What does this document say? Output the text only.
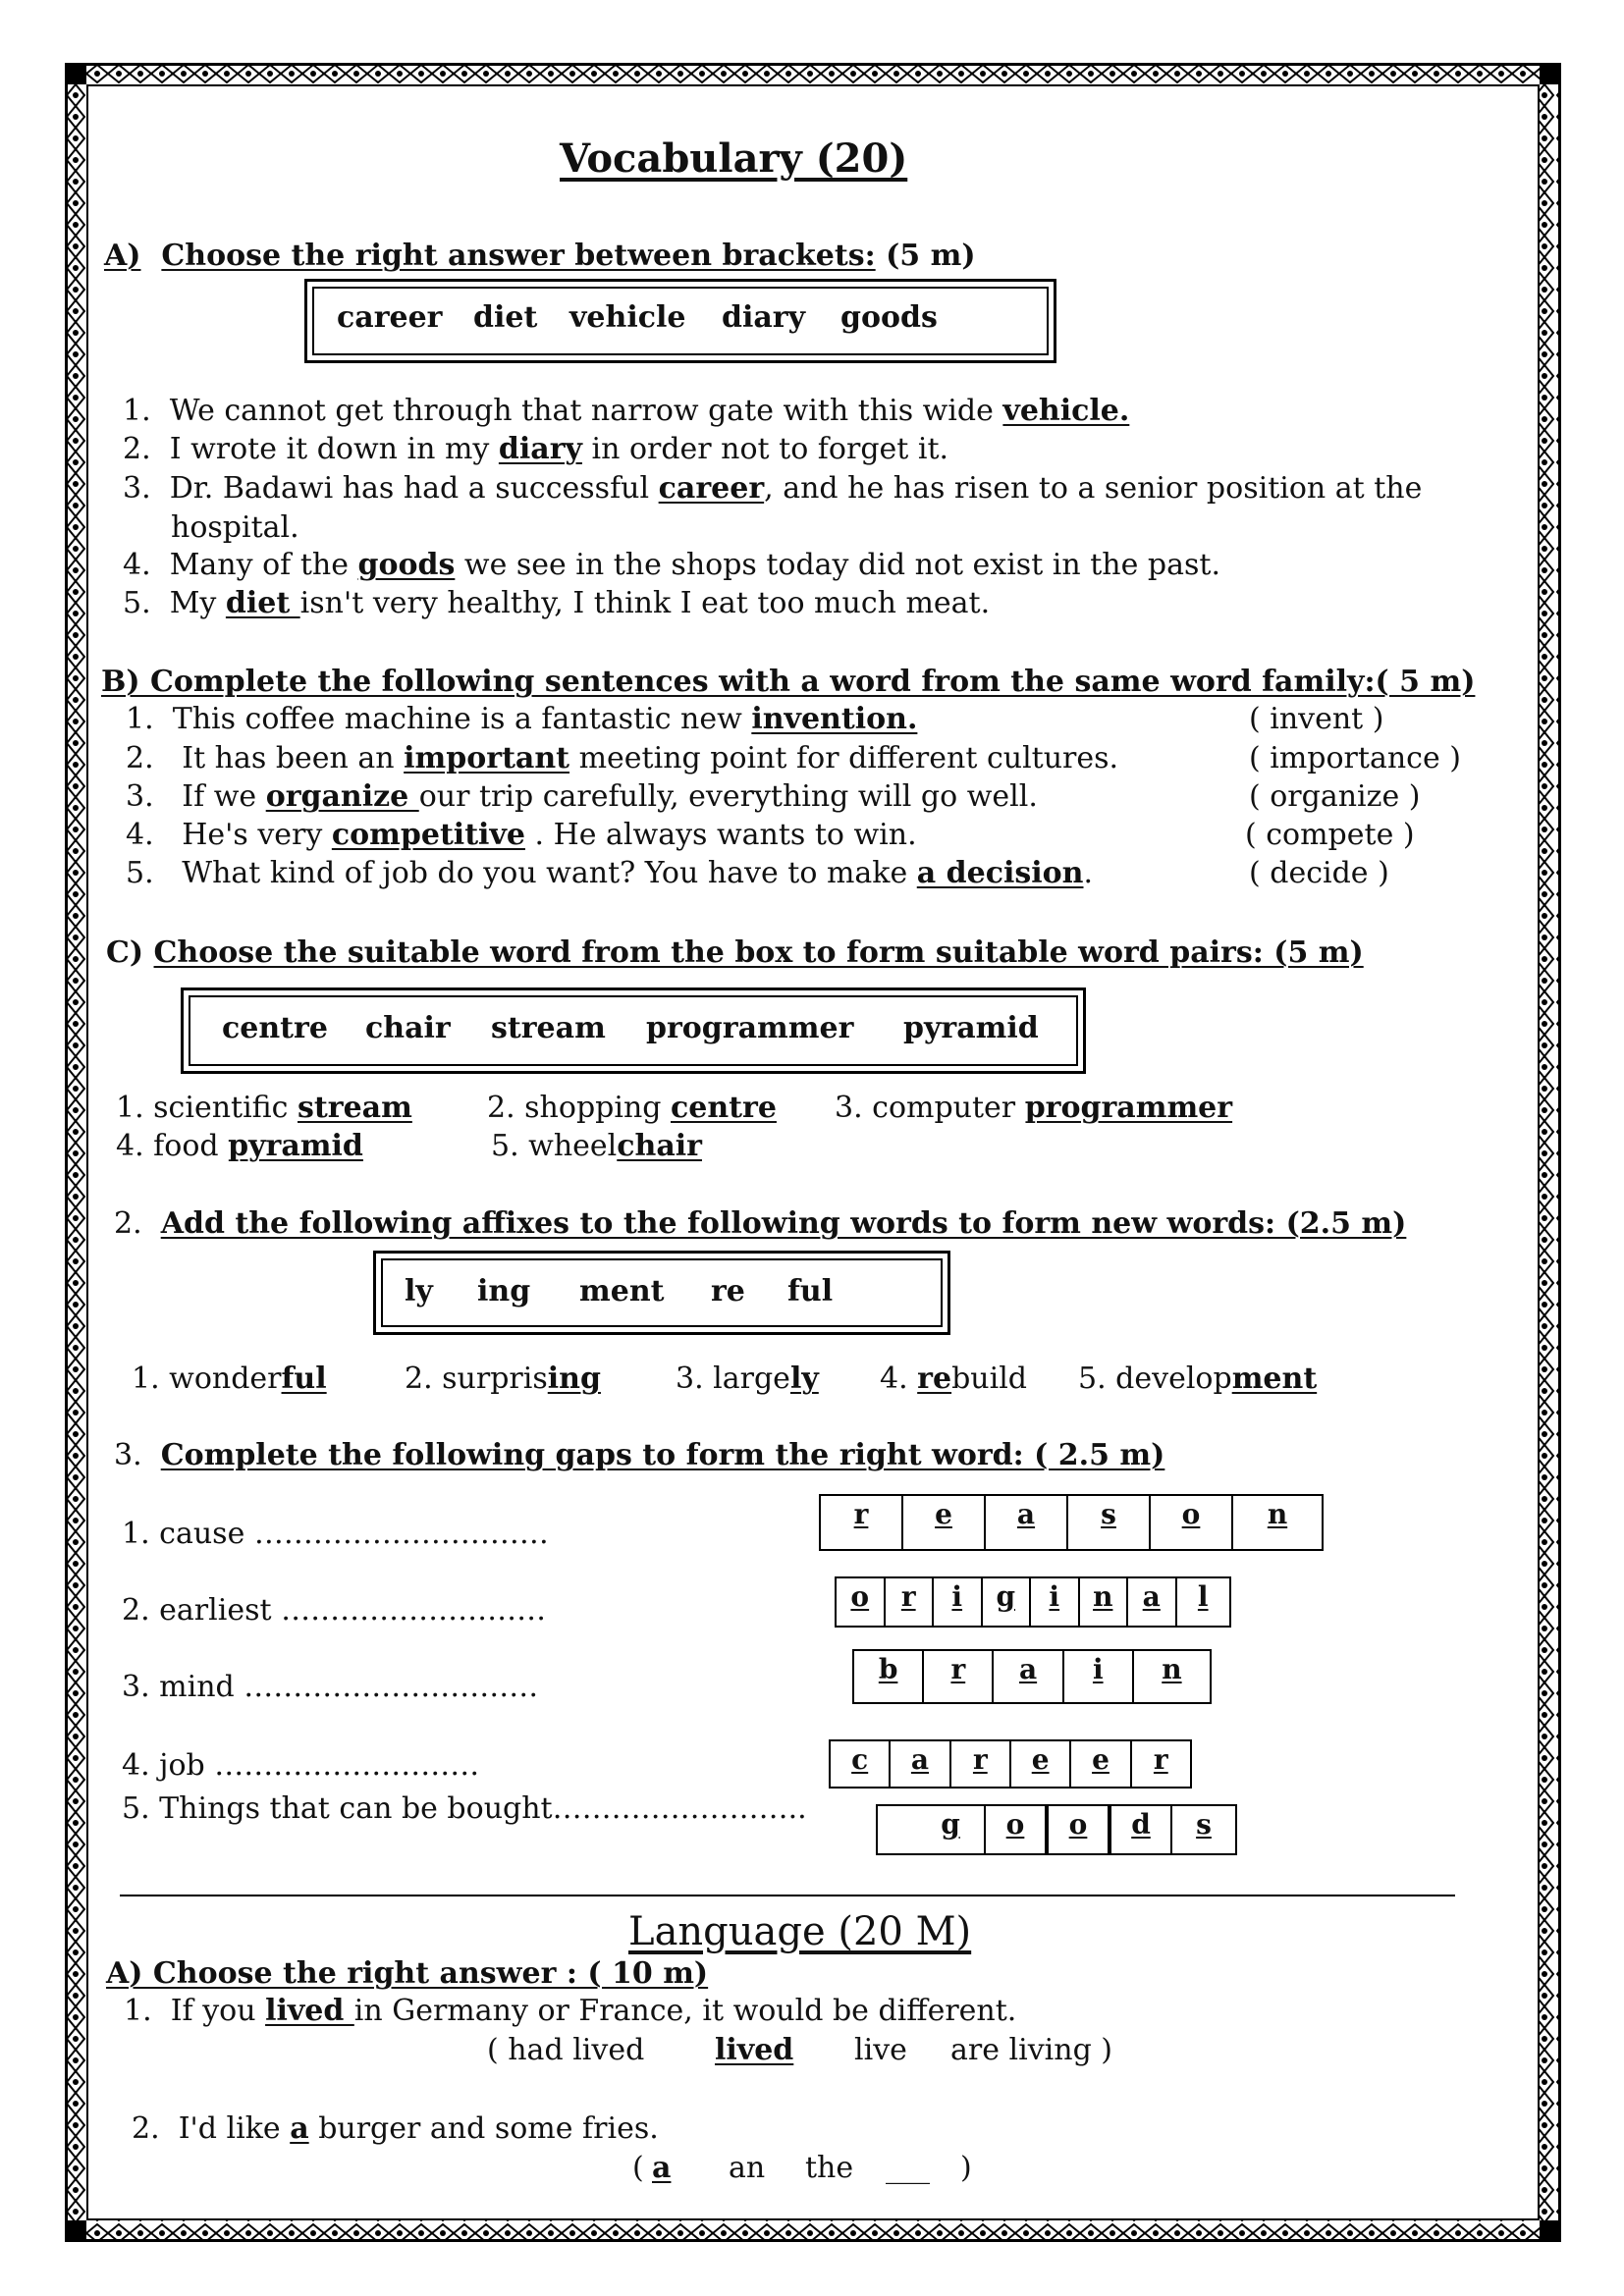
Vocabulary (20)
A) Choose the right answer between brackets: (5 m)
career diet vehicle diary goods
1. We cannot get through that narrow gate with this wide vehicle.
2. I wrote it down in my diary in order not to forget it.
3. Dr. Badawi has had a successful career, and he has risen to a senior position at the
hospital.
4. Many of the goods we see in the shops today did not exist in the past.
5. My diet isn't very healthy, I think I eat too much meat.
B) Complete the following sentences with a word from the same word family:( 5 m)
1. This coffee machine is a fantastic new invention.	( invent )
2. It has been an important meeting point for different cultures.	( importance )
3. If we organize our trip carefully, everything will go well.	( organize )
4. He's very competitive . He always wants to win.	( compete )
5. What kind of job do you want? You have to make a decision.	( decide )
C) Choose the suitable word from the box to form suitable word pairs: (5 m)
centre chair stream programmer pyramid
1. scientific stream	2. shopping centre 3. computer programmer
4. food pyramid	5. wheelchair
2. Add the following affixes to the following words to form new words: (2.5 m)
ly ing ment re ful
1. wonderful	2. surprising	3. largely 4. rebuild 5. development
3. Complete the following gaps to form the right word: ( 2.5 m)
1. cause …………………………
r	e	a	s	o	n
2. earliest ………………………	o	r	i	g	i	n	a	l
3. mind …………………………
b	r	a	i	n
4. job ………………………	c	a	r	e	e	r
5. Things that can be bought……………………..	g	o	o	d	s
Language (20 M)
A) Choose the right answer : ( 10 m)
1. If you lived in Germany or France, it would be different.
( had lived lived live are living )
2. I'd like a burger and some fries.
( a an the ___ )
